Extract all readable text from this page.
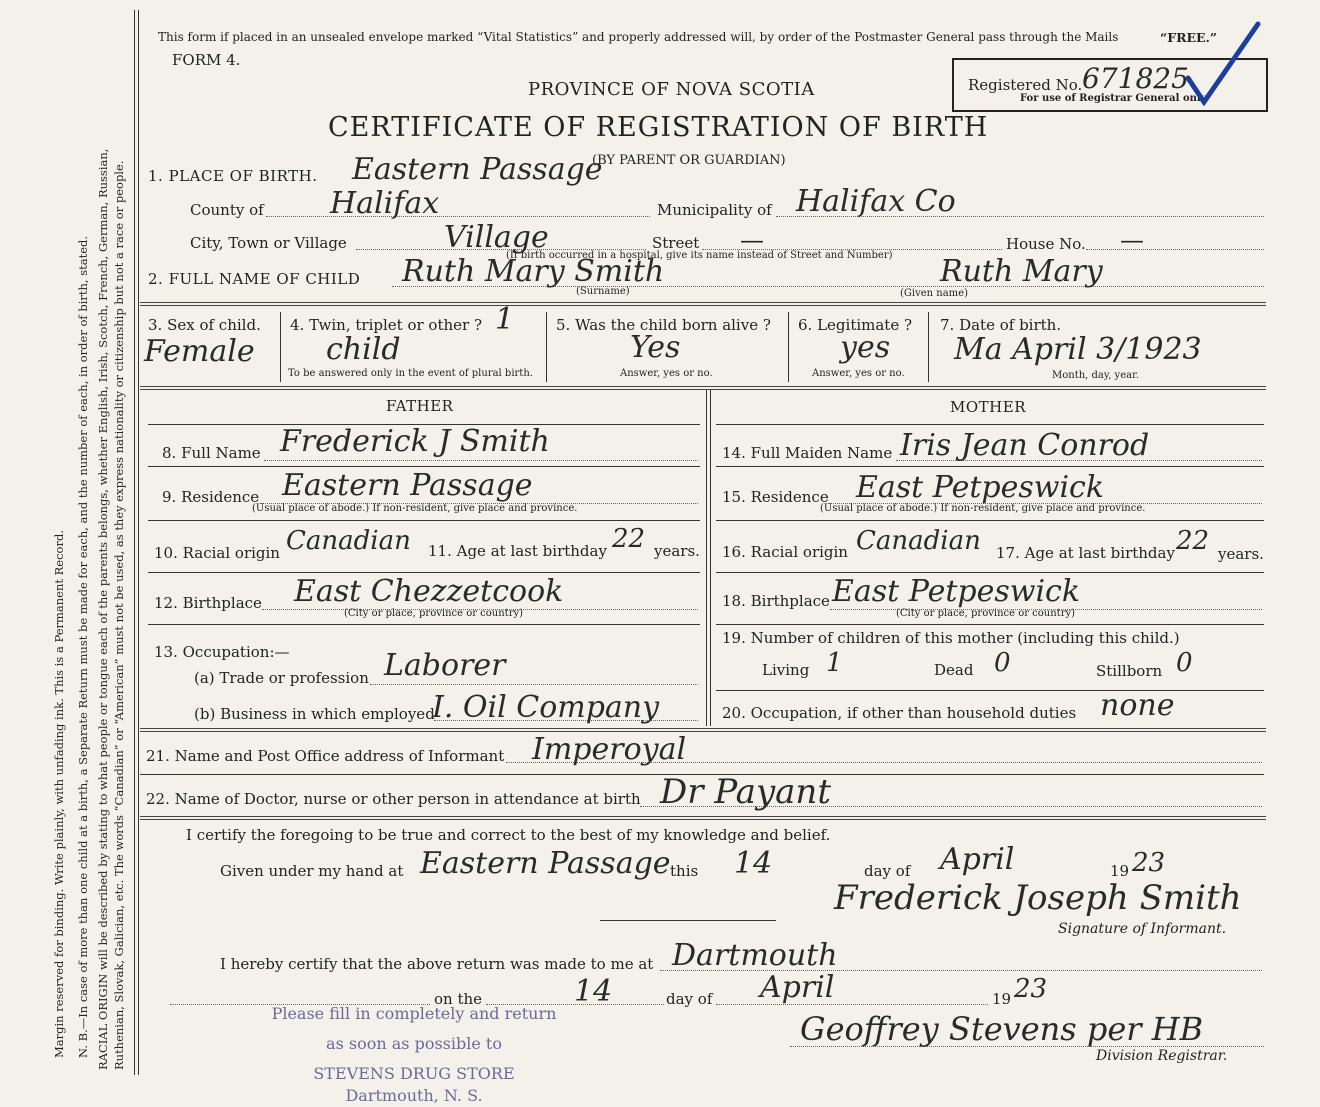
Margin reserved for binding. Write plainly, with unfading ink. This is a Permanent Record. N. B.—In case of more than one child at a birth, a Separate Return must be made for each, and the number of each, in order of birth, stated. RACIAL ORIGIN will be described by stating to what people or tongue each of the parents belongs, whether English, Irish, Scotch, French, German, Russian, Ruthenian, Slovak, Galician, etc. The words “Canadian” or “American” must not be used, as they express nationality or citizenship but not a race or people.
This form if placed in an unsealed envelope marked “Vital Statistics” and properly addressed will, by order of the Postmaster General pass through the Mails	“FREE.”
FORM 4.
PROVINCE OF NOVA SCOTIA
CERTIFICATE OF REGISTRATION OF BIRTH
(BY PARENT OR GUARDIAN)
Registered No. 671825
For use of Registrar General only.
1. PLACE OF BIRTH. Eastern Passage
County of Halifax	Municipality of Halifax Co
City, Town or Village	Village	Street —	House No. —
(If birth occurred in a hospital, give its name instead of Street and Number)
2. FULL NAME OF CHILD Ruth Mary Smith	Ruth Mary
(Surname)	(Given name)
3. Sex of child.
Female
4. Twin, triplet or other ? 1
child
To be answered only in the event of plural birth.
5. Was the child born alive ?
Yes
Answer, yes or no.
6. Legitimate ?
yes
Answer, yes or no.
7. Date of birth.
Ma April 3/1923
Month, day, year.
FATHER	MOTHER
8. Full Name Frederick J Smith	14. Full Maiden Name Iris Jean Conrod
9. Residence Eastern Passage
(Usual place of abode.) If non-resident, give place and province.
15. Residence East Petpeswick
(Usual place of abode.) If non-resident, give place and province.
10. Racial origin Canadian 11. Age at last birthday 22 years. 16. Racial origin Canadian 17. Age at last birthday 22 years.
12. Birthplace East Chezzetcook
(City or place, province or country)
18. Birthplace East Petpeswick
(City or place, province or country)
13. Occupation:—
(a) Trade or profession Laborer
(b) Business in which employed
I. Oil Company
19. Number of children of this mother (including this child.)
Living 1	Dead 0	Stillborn 0
20. Occupation, if other than household duties none
21. Name and Post Office address of Informant Imperoyal
22. Name of Doctor, nurse or other person in attendance at birth Dr Payant
I certify the foregoing to be true and correct to the best of my knowledge and belief.
Given under my hand at Eastern Passage this 14	day of April	19 23
Frederick Joseph Smith
Signature of Informant.
I hereby certify that the above return was made to me at Dartmouth
on the	14	day of April	19 23
Geoffrey Stevens per HB
Division Registrar.
Please fill in completely and return
as soon as possible to
STEVENS DRUG STORE
Dartmouth, N. S.
